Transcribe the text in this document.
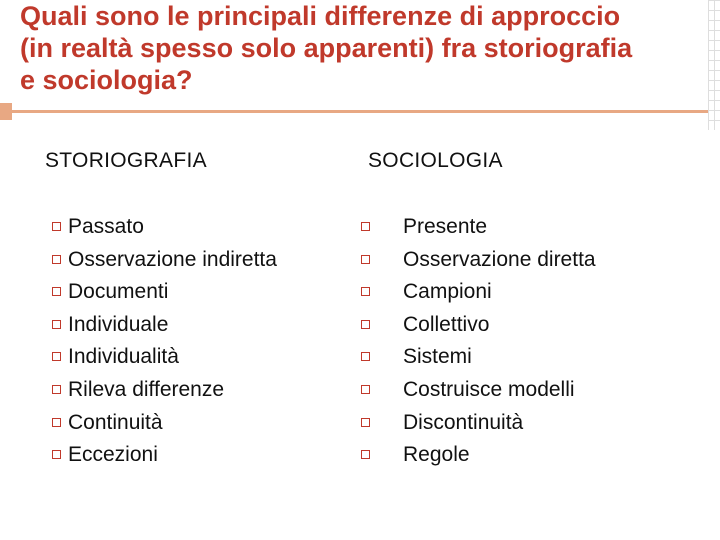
Quali sono le principali differenze di approccio
(in realtà spesso solo apparenti) fra storiografia
e sociologia?
STORIOGRAFIA
Passato
Osservazione indiretta
Documenti
Individuale
Individualità
Rileva differenze
Continuità
Eccezioni
SOCIOLOGIA
Presente
Osservazione diretta
Campioni
Collettivo
Sistemi
Costruisce modelli
Discontinuità
Regole
